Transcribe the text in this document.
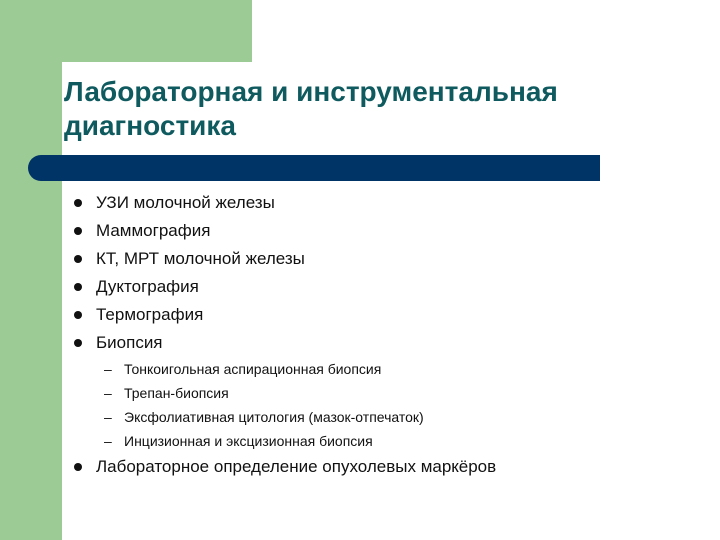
Лабораторная и инструментальная диагностика
УЗИ молочной железы
Маммография
КТ, МРТ молочной железы
Дуктография
Термография
Биопсия
– Тонкоигольная аспирационная биопсия
– Трепан-биопсия
– Эксфолиативная цитология (мазок-отпечаток)
– Инцизионная и эксцизионная биопсия
Лабораторное определение опухолевых маркёров
